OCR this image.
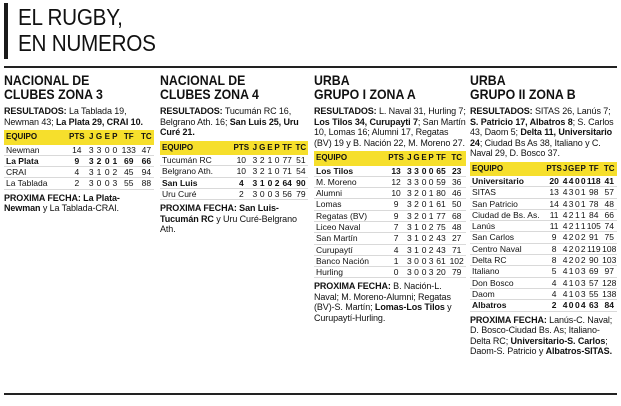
EL RUGBY,
EN NUMEROS
NACIONAL DE
CLUBES ZONA 3

RESULTADOS: La Tablada 19, Newman 43; La Plata 29, CRAI 10.

EQUIPO	PTS	J	G	E	P	TF	TC
Newman	14	3	3	0	0	133	47
La Plata	9	3	2	0	1	69	66
CRAI	4	3	1	0	2	45	94
La Tablada	2	3	0	0	3	55	88

PROXIMA FECHA: La Plata-Newman y La Tablada-CRAI.

NACIONAL DE
CLUBES ZONA 4

RESULTADOS: Tucumán RC 16, Belgrano Ath. 16; San Luis 25, Uru Curé 21.

EQUIPO	PTS	J	G	E	P	TF	TC
Tucumán RC	10	3	2	1	0	77	51
Belgrano Ath.	10	3	2	1	0	71	54
San Luis	4	3	1	0	2	64	90
Uru Curé	2	3	0	0	3	56	79

PROXIMA FECHA: San Luis-Tucumán RC y Uru Curé-Belgrano Ath.

URBA
GRUPO I ZONA A

RESULTADOS: L. Naval 31, Hurling 7; Los Tilos 34, Curupayti 7; San Martín 10, Lomas 16; Alumni 17, Regatas (BV) 19 y B. Nación 22, M. Moreno 27.

EQUIPO	PTS	J	G	E	P	TF	TC
Los Tilos	13	3	3	0	0	65	23
M. Moreno	12	3	3	0	0	59	36
Alumni	10	3	2	0	1	80	46
Lomas	9	3	2	0	1	61	50
Regatas (BV)	9	3	2	0	1	77	68
Liceo Naval	7	3	1	0	2	75	48
San Martín	7	3	1	0	2	43	27
Curupaytí	4	3	1	0	2	43	71
Banco Nación	1	3	0	0	3	61	102
Hurling	0	3	0	0	3	20	79

PROXIMA FECHA: B. Nación-L. Naval; M. Moreno-Alumni; Regatas (BV)-S. Martín; Lomas-Los Tilos y Curupaytí-Hurling.

URBA
GRUPO II ZONA B

RESULTADOS: SITAS 26, Lanús 7; S. Patricio 17, Albatros 8; S. Carlos 43, Daom 5; Delta 11, Universitario 24; Ciudad Bs As 38, Italiano y C. Naval 29, D. Bosco 37.

EQUIPO	PTS	J	G	E	P	TF	TC
Universitario	20	4	4	0	0	118	41
SITAS	13	4	3	0	1	98	57
San Patricio	14	4	3	0	1	78	48
Ciudad de Bs. As.	11	4	2	1	1	84	66
Lanús	11	4	2	1	1	105	74
San Carlos	9	4	2	0	2	91	75
Centro Naval	8	4	2	0	2	119	108
Delta RC	8	4	2	0	2	90	103
Italiano	5	4	1	0	3	69	97
Don Bosco	4	4	1	0	3	57	128
Daom	4	4	1	0	3	55	138
Albatros	2	4	0	0	4	63	84

PROXIMA FECHA: Lanús-C. Naval; D. Bosco-Ciudad Bs. As; Italiano-Delta RC; Universitario-S. Carlos; Daom-S. Patricio y Albatros-SITAS.
